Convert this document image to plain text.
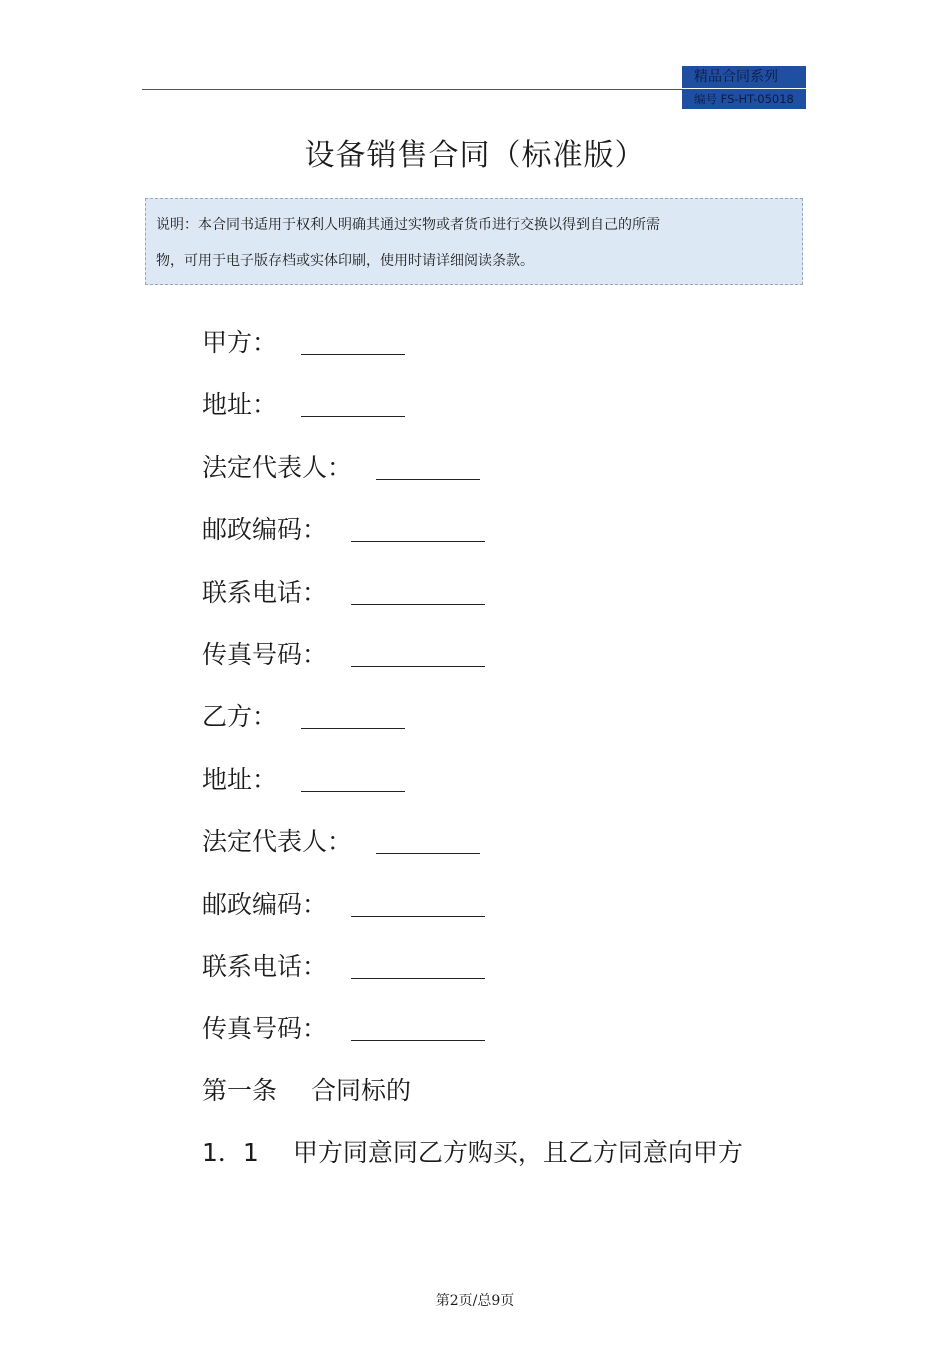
精品合同系列
编号 FS-HT-05018
设备销售合同（标准版）
说明：本合同书适用于权利人明确其通过实物或者货币进行交换以得到自己的所需
物，可用于电子版存档或实体印刷，使用时请详细阅读条款。
甲方：
地址：
法定代表人：
邮政编码：
联系电话：
传真号码：
乙方：
地址：
法定代表人：
邮政编码：
联系电话：
传真号码：
第一条 合同标的
1．1 甲方同意同乙方购买，且乙方同意向甲方
第2页/总9页
